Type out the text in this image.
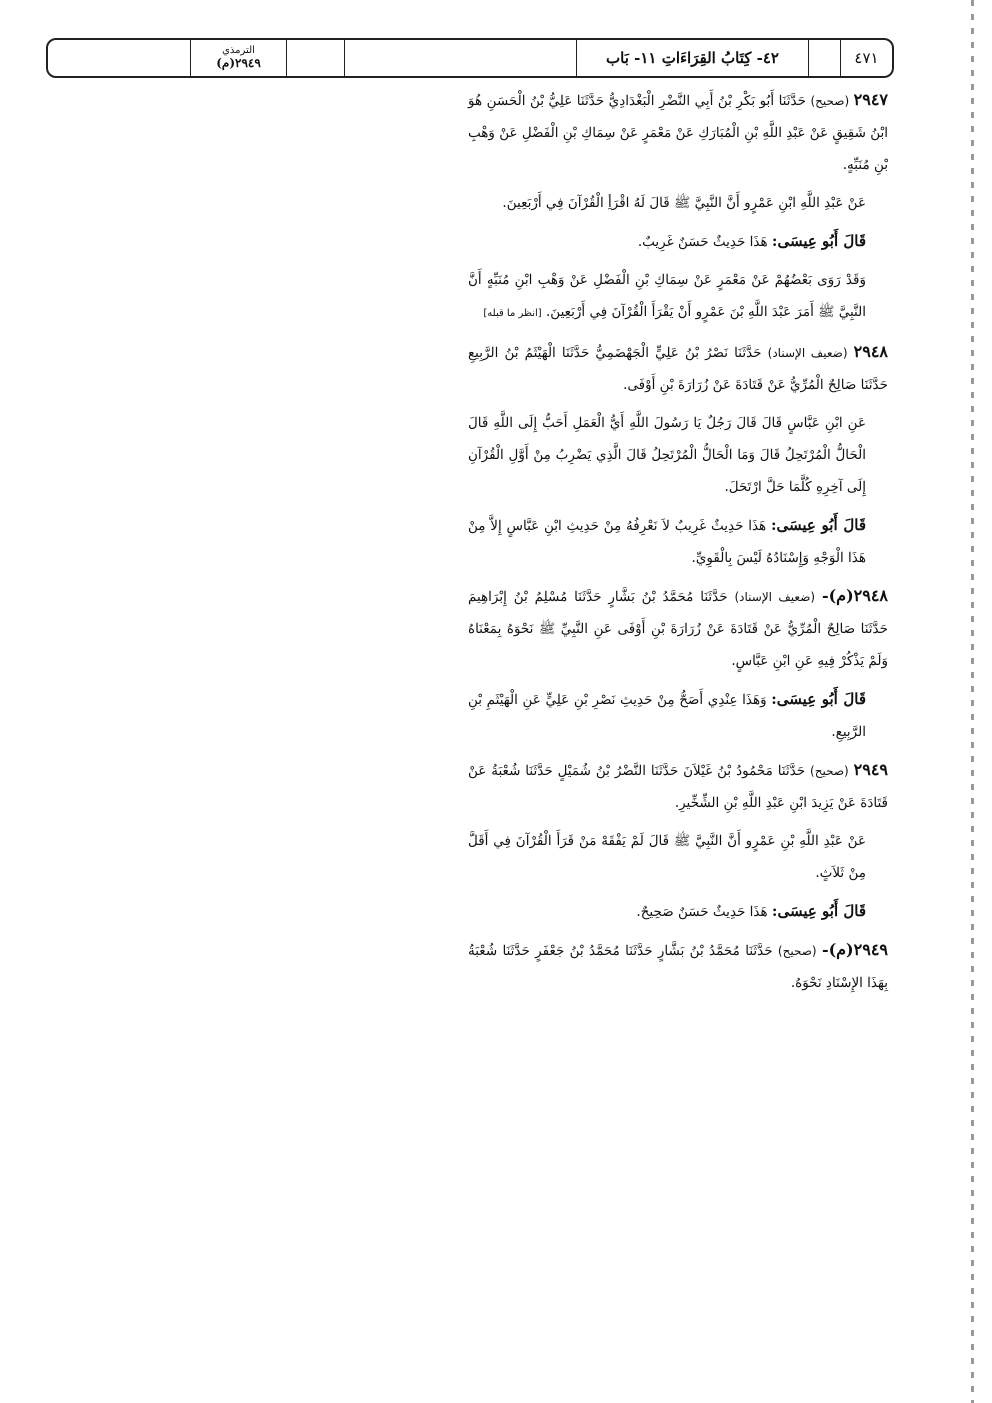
٤٧١
٤٢- كِتَابُ القِرَاءَاتِ ١١- بَاب
الترمذي
٢٩٤٩(م)

٢٩٤٧ (صحيح) حَدَّثَنَا أَبُو بَكْرِ بْنُ أَبِي النَّضْرِ الْبَغْدَادِيُّ حَدَّثَنَا عَلِيُّ بْنُ الْحَسَنِ هُوَ ابْنُ شَقِيقٍ عَنْ عَبْدِ اللَّهِ بْنِ الْمُبَارَكِ عَنْ مَعْمَرٍ عَنْ سِمَاكِ بْنِ الْفَضْلِ عَنْ وَهْبِ بْنِ مُنَبِّهٍ.

عَنْ عَبْدِ اللَّهِ ابْنِ عَمْرٍو أَنَّ النَّبِيَّ ﷺ قَالَ لَهُ اقْرَأِ الْقُرْآنَ فِي أَرْبَعِينَ.

قَالَ أَبُو عِيسَى: هَذَا حَدِيثٌ حَسَنٌ غَرِيبٌ.

وَقَدْ رَوَى بَعْضُهُمْ عَنْ مَعْمَرٍ عَنْ سِمَاكِ بْنِ الْفَضْلِ عَنْ وَهْبِ ابْنِ مُنَبِّهٍ أَنَّ النَّبِيَّ ﷺ أَمَرَ عَبْدَ اللَّهِ بْنَ عَمْرٍو أَنْ يَقْرَأَ الْقُرْآنَ فِي أَرْبَعِينَ. [انظر ما قبله]

٢٩٤٨ (ضعيف الإسناد) حَدَّثَنَا نَصْرُ بْنُ عَلِيٍّ الْجَهْضَمِيُّ حَدَّثَنَا الْهَيْثَمُ بْنُ الرَّبِيعِ حَدَّثَنَا صَالِحٌ الْمُرِّيُّ عَنْ قَتَادَةَ عَنْ زُرَارَةَ بْنِ أَوْفَى.

عَنِ ابْنِ عَبَّاسٍ قَالَ قَالَ رَجُلٌ يَا رَسُولَ اللَّهِ أَيُّ الْعَمَلِ أَحَبُّ إِلَى اللَّهِ قَالَ الْحَالُّ الْمُرْتَحِلُ قَالَ وَمَا الْحَالُّ الْمُرْتَحِلُ قَالَ الَّذِي يَضْرِبُ مِنْ أَوَّلِ الْقُرْآنِ إِلَى آخِرِهِ كُلَّمَا حَلَّ ارْتَحَلَ.

قَالَ أَبُو عِيسَى: هَذَا حَدِيثٌ غَرِيبٌ لاَ نَعْرِفُهُ مِنْ حَدِيثِ ابْنِ عَبَّاسٍ إِلاَّ مِنْ هَذَا الْوَجْهِ وَإِسْنَادُهُ لَيْسَ بِالْقَوِيِّ.

٢٩٤٨(م)- (ضعيف الإسناد) حَدَّثَنَا مُحَمَّدُ بْنُ بَشَّارٍ حَدَّثَنَا مُسْلِمُ بْنُ إِبْرَاهِيمَ حَدَّثَنَا صَالِحٌ الْمُرِّيُّ عَنْ قَتَادَةَ عَنْ زُرَارَةَ بْنِ أَوْفَى عَنِ النَّبِيِّ ﷺ نَحْوَهُ بِمَعْنَاهُ وَلَمْ يَذْكُرْ فِيهِ عَنِ ابْنِ عَبَّاسٍ.

قَالَ أَبُو عِيسَى: وَهَذَا عِنْدِي أَصَحُّ مِنْ حَدِيثِ نَصْرِ بْنِ عَلِيٍّ عَنِ الْهَيْثَمِ بْنِ الرَّبِيعِ.

٢٩٤٩ (صحيح) حَدَّثَنَا مَحْمُودُ بْنُ غَيْلاَنَ حَدَّثَنَا النَّضْرُ بْنُ شُمَيْلٍ حَدَّثَنَا شُعْبَةُ عَنْ قَتَادَةَ عَنْ يَزِيدَ ابْنِ عَبْدِ اللَّهِ بْنِ الشِّخِّيرِ.

عَنْ عَبْدِ اللَّهِ بْنِ عَمْرٍو أَنَّ النَّبِيَّ ﷺ قَالَ لَمْ يَفْقَهْ مَنْ قَرَأَ الْقُرْآنَ فِي أَقَلَّ مِنْ ثَلاَثٍ.

قَالَ أَبُو عِيسَى: هَذَا حَدِيثٌ حَسَنٌ صَحِيحٌ.

٢٩٤٩(م)- (صحيح) حَدَّثَنَا مُحَمَّدُ بْنُ بَشَّارٍ حَدَّثَنَا مُحَمَّدُ بْنُ جَعْفَرٍ حَدَّثَنَا شُعْبَةُ بِهَذَا الإِسْنَادِ نَحْوَهُ.
